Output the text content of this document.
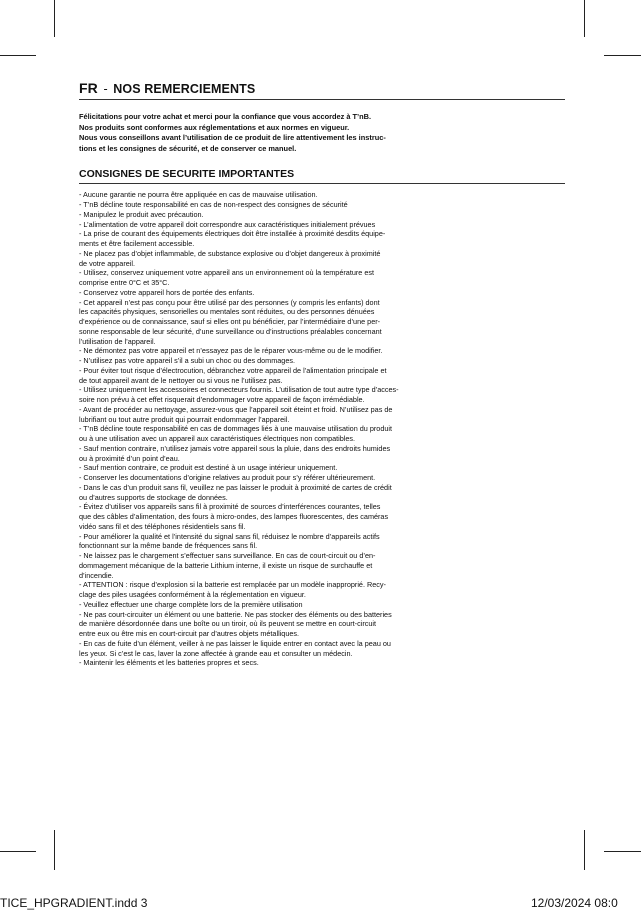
FR - NOS REMERCIEMENTS

Félicitations pour votre achat et merci pour la confiance que vous accordez à T’nB.

Nos produits sont conformes aux réglementations et aux normes en vigueur.

Nous vous conseillons avant l’utilisation de ce produit de lire attentivement les instruc-

tions et les consignes de sécurité, et de conserver ce manuel.

CONSIGNES DE SECURITE IMPORTANTES
- Aucune garantie ne pourra être appliquée en cas de mauvaise utilisation.
- T’nB décline toute responsabilité en cas de non-respect des consignes de sécurité
- Manipulez le produit avec précaution.
- L’alimentation de votre appareil doit correspondre aux caractéristiques initialement prévues
- La prise de courant des équipements électriques doit être installée à proximité desdits équipe-
ments et être facilement accessible.
- Ne placez pas d’objet inflammable, de substance explosive ou d’objet dangereux à proximité
de votre appareil.
- Utilisez, conservez uniquement votre appareil ans un environnement où la température est
comprise entre 0°C et 35°C.
- Conservez votre appareil hors de portée des enfants.
- Cet appareil n’est pas conçu pour être utilisé par des personnes (y compris les enfants) dont
les capacités physiques, sensorielles ou mentales sont réduites, ou des personnes dénuées
d’expérience ou de connaissance, sauf si elles ont pu bénéficier, par l’intermédiaire d’une per-
sonne responsable de leur sécurité, d’une surveillance ou d’instructions préalables concernant
l’utilisation de l’appareil.
- Ne démontez pas votre appareil et n’essayez pas de le réparer vous-même ou de le modifier.
- N’utilisez pas votre appareil s’il a subi un choc ou des dommages.
- Pour éviter tout risque d’électrocution, débranchez votre appareil de l’alimentation principale et
de tout appareil avant de le nettoyer ou si vous ne l’utilisez pas.
- Utilisez uniquement les accessoires et connecteurs fournis. L’utilisation de tout autre type d’acces-
soire non prévu à cet effet risquerait d’endommager votre appareil de façon irrémédiable.
- Avant de procéder au nettoyage, assurez-vous que l’appareil soit éteint et froid. N’utilisez pas de
lubrifiant ou tout autre produit qui pourrait endommager l’appareil.
- T’nB décline toute responsabilité en cas de dommages liés à une mauvaise utilisation du produit
ou à une utilisation avec un appareil aux caractéristiques électriques non compatibles.
- Sauf mention contraire, n’utilisez jamais votre appareil sous la pluie, dans des endroits humides
ou à proximité d’un point d’eau.
- Sauf mention contraire, ce produit est destiné à un usage intérieur uniquement.
- Conserver les documentations d’origine relatives au produit pour s’y référer ultérieurement.
- Dans le cas d’un produit sans fil, veuillez ne pas laisser le produit à proximité de cartes de crédit
ou d’autres supports de stockage de données.
- Évitez d’utiliser vos appareils sans fil à proximité de sources d’interférences courantes, telles
que des câbles d’alimentation, des fours à micro-ondes, des lampes fluorescentes, des caméras
vidéo sans fil et des téléphones résidentiels sans fil.
- Pour améliorer la qualité et l’intensité du signal sans fil, réduisez le nombre d’appareils actifs
fonctionnant sur la même bande de fréquences sans fil.
- Ne laissez pas le chargement s’effectuer sans surveillance. En cas de court-circuit ou d’en-
dommagement mécanique de la batterie Lithium interne, il existe un risque de surchauffe et
d’incendie.
- ATTENTION : risque d’explosion si la batterie est remplacée par un modèle inapproprié. Recy-
clage des piles usagées conformément à la réglementation en vigueur.
- Veuillez effectuer une charge complète lors de la première utilisation
- Ne pas court-circuiter un élément ou une batterie. Ne pas stocker des éléments ou des batteries
de manière désordonnée dans une boîte ou un tiroir, où ils peuvent se mettre en court-circuit
entre eux ou être mis en court-circuit par d’autres objets métalliques.
- En cas de fuite d’un élément, veiller à ne pas laisser le liquide entrer en contact avec la peau ou
les yeux. Si c’est le cas, laver la zone affectée à grande eau et consulter un médecin.
- Maintenir les éléments et les batteries propres et secs.
TICE_HPGRADIENT.indd 3	12/03/2024 08:0
